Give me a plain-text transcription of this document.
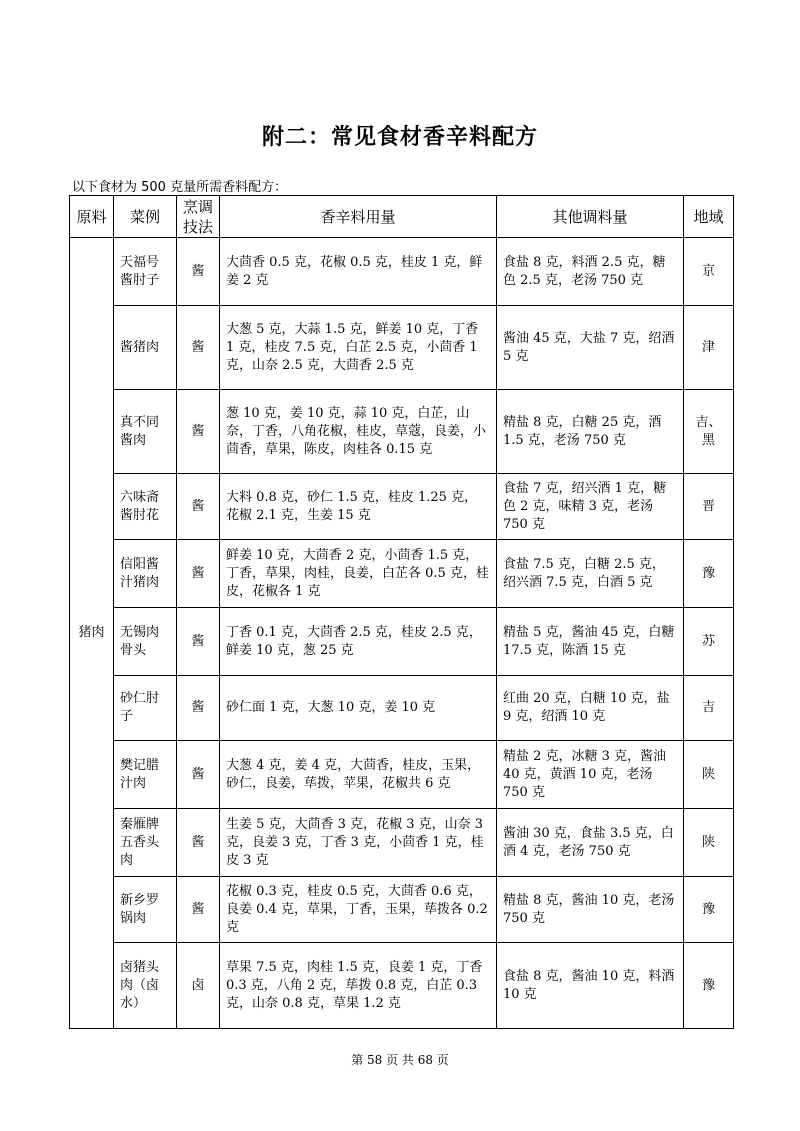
附二：常见食材香辛料配方
以下食材为 500 克量所需香料配方：
原料	菜例	烹调技法	香辛料用量	其他调料量	地域
猪肉	天福号酱肘子	酱	大茴香 0.5 克，花椒 0.5 克，桂皮 1 克，鲜姜 2 克	食盐 8 克，料酒 2.5 克，糖色 2.5 克，老汤 750 克	京
	酱猪肉	酱	大葱 5 克，大蒜 1.5 克，鲜姜 10 克，丁香 1 克，桂皮 7.5 克，白芷 2.5 克，小茴香 1 克，山奈 2.5 克，大茴香 2.5 克	酱油 45 克，大盐 7 克，绍酒 5 克	津
	真不同酱肉	酱	葱 10 克，姜 10 克，蒜 10 克，白芷，山奈，丁香，八角花椒，桂皮，草蔻，良姜，小茴香，草果，陈皮，肉桂各 0.15 克	精盐 8 克，白糖 25 克，酒 1.5 克，老汤 750 克	吉、黑
	六味斋酱肘花	酱	大料 0.8 克，砂仁 1.5 克，桂皮 1.25 克，花椒 2.1 克，生姜 15 克	食盐 7 克，绍兴酒 1 克，糖色 2 克，味精 3 克，老汤 750 克	晋
	信阳酱汁猪肉	酱	鲜姜 10 克，大茴香 2 克，小茴香 1.5 克，丁香，草果，肉桂，良姜，白芷各 0.5 克，桂皮，花椒各 1 克	食盐 7.5 克，白糖 2.5 克，绍兴酒 7.5 克，白酒 5 克	豫
	无锡肉骨头	酱	丁香 0.1 克，大茴香 2.5 克，桂皮 2.5 克，鲜姜 10 克，葱 25 克	精盐 5 克，酱油 45 克，白糖 17.5 克，陈酒 15 克	苏
	砂仁肘子	酱	砂仁面 1 克，大葱 10 克，姜 10 克	红曲 20 克，白糖 10 克，盐 9 克，绍酒 10 克	吉
	樊记腊汁肉	酱	大葱 4 克，姜 4 克，大茴香，桂皮，玉果，砂仁，良姜，荜拨，苹果，花椒共 6 克	精盐 2 克，冰糖 3 克，酱油 40 克，黄酒 10 克，老汤 750 克	陕
	秦雁牌五香头肉	酱	生姜 5 克，大茴香 3 克，花椒 3 克，山奈 3 克，良姜 3 克，丁香 3 克，小茴香 1 克，桂皮 3 克	酱油 30 克，食盐 3.5 克，白酒 4 克，老汤 750 克	陕
	新乡罗锅肉	酱	花椒 0.3 克，桂皮 0.5 克，大茴香 0.6 克，良姜 0.4 克，草果，丁香，玉果，荜拨各 0.2 克	精盐 8 克，酱油 10 克，老汤 750 克	豫
	卤猪头肉（卤水）	卤	草果 7.5 克，肉桂 1.5 克，良姜 1 克，丁香 0.3 克，八角 2 克，荜拨 0.8 克，白芷 0.3 克，山奈 0.8 克，草果 1.2 克	食盐 8 克，酱油 10 克，料酒 10 克	豫
第 58 页 共 68 页
